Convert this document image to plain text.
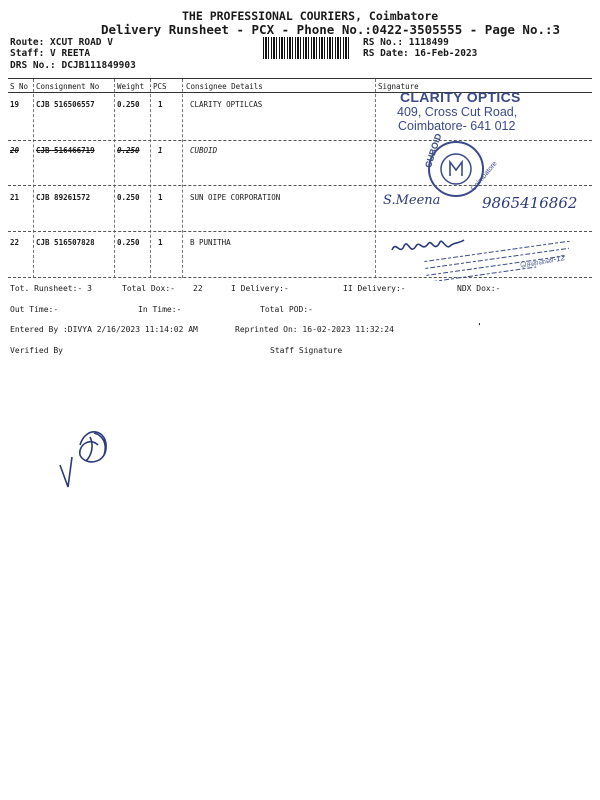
THE PROFESSIONAL COURIERS, Coimbatore
Delivery Runsheet - PCX - Phone No.:0422-3505555 - Page No.:3
Route: XCUT ROAD V
Staff: V REETA
DRS No.: DCJB111849903
RS No.: 1118499
RS Date: 16-Feb-2023
S No Consignment No Weight PCS	Consignee Details	Signature
19 CJB 516506557	0.250 1	CLARITY OPTILCAS
20 CJB 516466719	0.250 1	CUBOID
21 CJB 89261572	0.250 1	SUN OIPE CORPORATION
22 CJB 516507828	0.250 1	B PUNITHA
CLARITY OPTICS
409, Cross Cut Road,
Coimbatore- 641 012
CUBOID
Coimbatore
S.Meena	9865416862
சென்னை-12
Tot. Runsheet:- 3	Total Dox:- 22	I Delivery:-	II Delivery:-	NDX Dox:-
Out Time:-	In Time:-	Total POD:-
Entered By :DIVYA 2/16/2023 11:14:02 AM	Reprinted On: 16-02-2023 11:32:24	'
Verified By	Staff Signature
